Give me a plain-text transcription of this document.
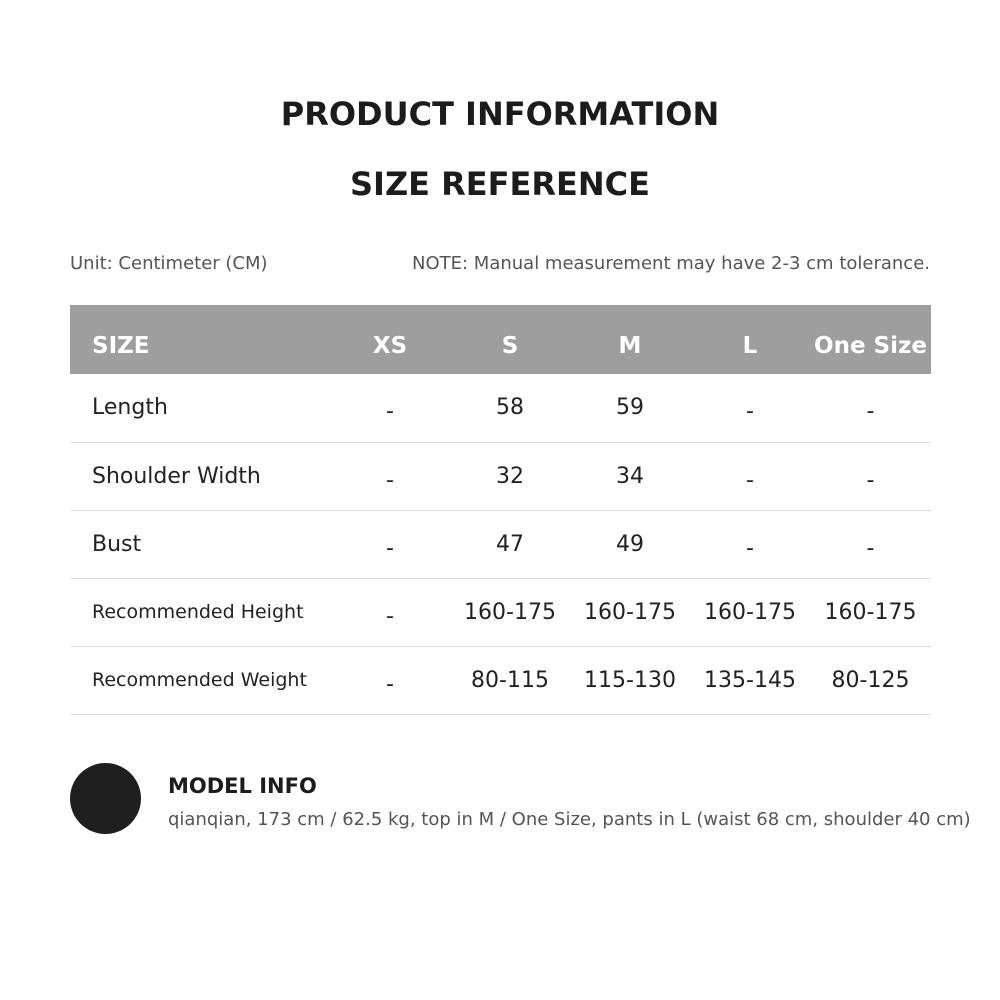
PRODUCT INFORMATION
SIZE REFERENCE
Unit: Centimeter (CM)	NOTE: Manual measurement may have 2-3 cm tolerance.
SIZE	XS	S	M	L	One Size
Length	-	58	59	-	-
Shoulder Width	-	32	34	-	-
Bust	-	47	49	-	-
Recommended Height	-	160-175	160-175	160-175	160-175
Recommended Weight	-	80-115	115-130	135-145	80-125
MODEL INFO
qianqian, 173 cm / 62.5 kg, top in M / One Size, pants in L (waist 68 cm, shoulder 40 cm)
